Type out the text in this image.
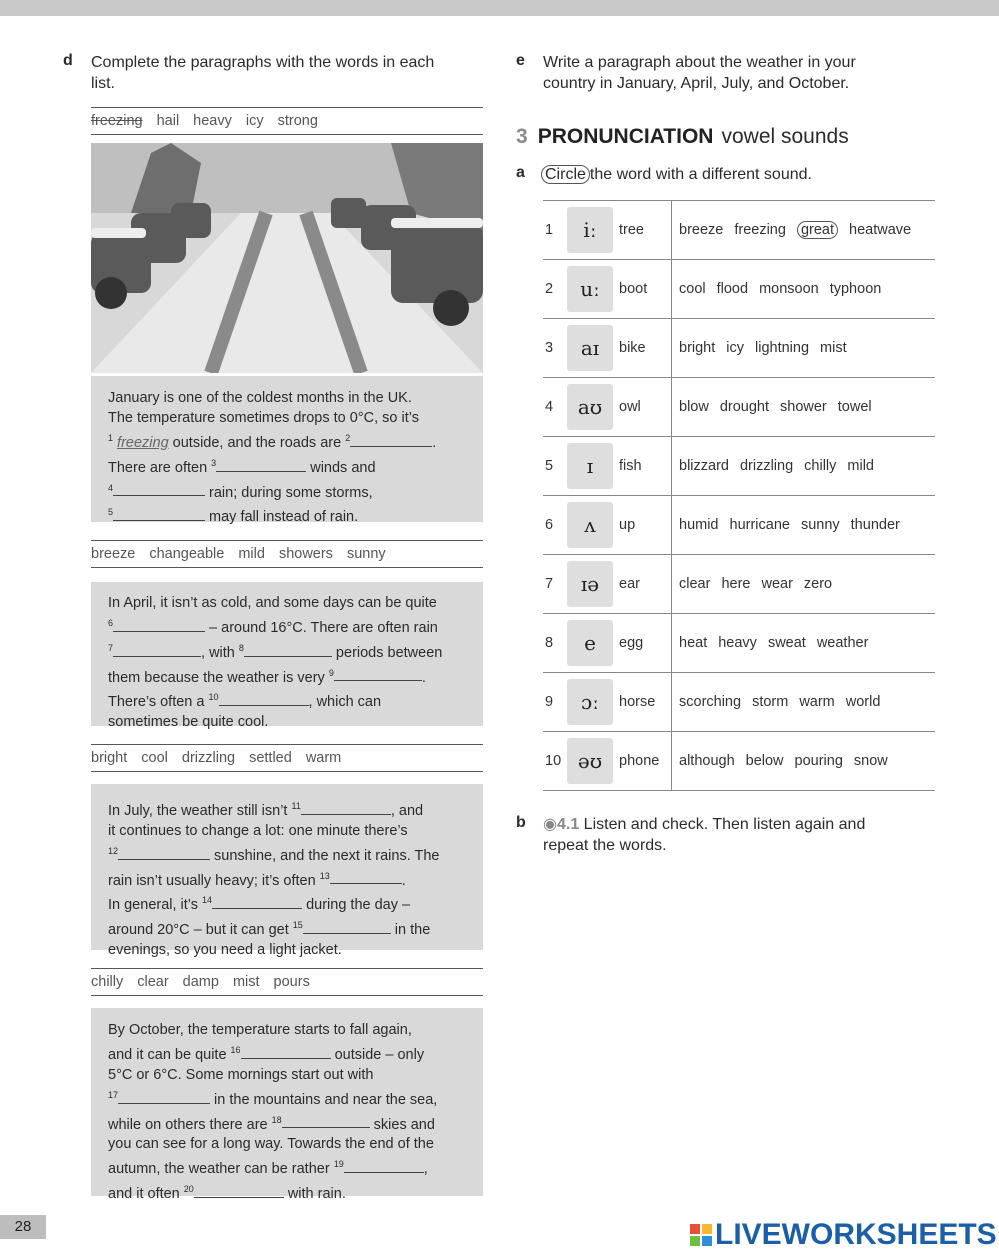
d Complete the paragraphs with the words in each
list.
freezing hail heavy icy strong

January is one of the coldest months in the UK.

The temperature sometimes drops to 0°C, so it’s

$^1$ freezing outside, and the roads are $^2$	.

There are often $^3$	winds and

$^4$	rain; during some storms,

$^5$	may fall instead of rain.

breeze changeable mild showers sunny

In April, it isn’t as cold, and some days can be quite

$^6$	– around 16°C. There are often rain

$^7$	, with $^8$	periods between

them because the weather is very $^9$	.

There’s often a $^{10}$	, which can

sometimes be quite cool.

bright cool drizzling settled warm

In July, the weather still isn’t $^{11}$	, and

it continues to change a lot: one minute there’s

$^{12}$	sunshine, and the next it rains. The

rain isn’t usually heavy; it’s often $^{13}$	.

In general, it’s $^{14}$	during the day –

around 20°C – but it can get $^{15}$	in the

evenings, so you need a light jacket.

chilly clear damp mist pours

By October, the temperature starts to fall again,

and it can be quite $^{16}$	outside – only

5°C or 6°C. Some mornings start out with

$^{17}$	in the mountains and near the sea,

while on others there are $^{18}$	skies and

you can see for a long way. Towards the end of the

autumn, the weather can be rather $^{19}$	,

and it often $^{20}$	with rain.

e Write a paragraph about the weather in your
country in January, April, July, and October.
3 PRONUNCIATION vowel sounds
a Circle the word with a different sound.
1	iː	tree	breeze freezing great heatwave
2	uː	boot	cool flood monsoon typhoon
3	aɪ	bike	bright icy lightning mist
4	aʊ	owl	blow drought shower towel
5	ɪ	fish	blizzard drizzling chilly mild
6	ʌ	up	humid hurricane sunny thunder
7	ɪə	ear	clear here wear zero
8	e	egg	heat heavy sweat weather
9	ɔː	horse	scorching storm warm world
10	əʊ	phone	although below pouring snow
b ◉4.1 Listen and check. Then listen again and
repeat the words.
28	LIVEWORKSHEETS
